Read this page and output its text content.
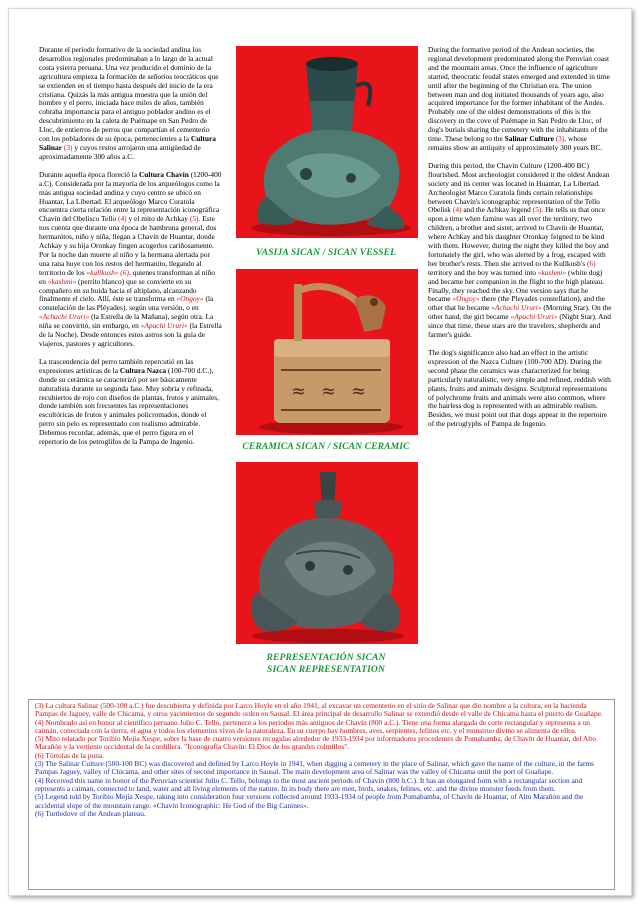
Durante el período formativo de la sociedad andina los desarrollos regionales predominaban a lo largo de la actual costa ysierra peruana. Una vez producido el dominio de la agricultura empieza la formación de señoríos teocráticos que se extienden en el tiempo hasta después del inicio de la era cristiana. Quizás la más antigua muestra que la unión del hombre y el perro, iniciada hace miles de años, también cobraba importancia para el antiguo poblador andino es el descubrimiento en la caleta de Puémape en San Pedro de Lloc, de entierros de perros que compartían el cementerio con los pobladores de su época, pertenecientes a la Cultura Salinar (3) y cuyos restos arrojaron una antigüedad de aproximadamente 300 años a.C.

Durante aquella época floreció la Cultura Chavín (1200-400 a.C). Considerada por la mayoría de los arqueólogos como la más antigua sociedad andina y cuyo centro se ubicó en Huantar, La Libertad. El arqueólogo Marco Curatola encuentra cierta relación entre la representación iconográfica Chavín del Obelisco Tello (4) y el mito de Achkay (5). Este nos cuenta que durante una época de hambruna general, dos hermanitos, niño y niña, llegan a Chavín de Huantar, donde Achkay y su hija Oronkay fingen acogerlos cariñosamente. Por la noche dan muerte al niño y la hermana alertada por una rana huye con los restos del hermanito, llegando al territorio de los «kullkush» (6), quienes transforman al niño en «kashmi» (perrito blanco) que se convierte en su compañero en su huida hacia el altiplano, alcanzando finalmente el cielo. Allí, éste se transforma en «Ongoy» (la constelación de las Pléyades), según una versión, o en «Achachi Ururi» (la Estrella de la Mañana), según otra. La niña se convirtió, sin embargo, en «Apachi Ururi» (la Estrella de la Noche). Desde entonces estos astros son la guía de viajeros, pastores y agricultores.

La trascendencia del perro también repercutió en las expresiones artísticas de la Cultura Nazca (100-700 d.C.), donde su cerámica se caracterizó por ser básicamente naturalista durante su segunda fase. Muy sobria y refinada, recubiertos de rojo con diseños de plantas, frutos y animales, donde también son frecuentes las representaciones escultóricas de frutos y animales policromados, donde el perro sin pelo es representado con realismo admirable. Debemos recordar, además, que el perro figura en el repertorio de los petroglifos de la Pampa de Ingenio.

VASIJA SICAN / SICAN VESSEL
≈ ≈ ≈
CERAMICA SICAN / SICAN CERAMIC
REPRESENTACIÓN SICAN
SICAN REPRESENTATION

During the formative period of the Andean societies, the regional development predominated along the Peruvian coast and the mountain areas. Once the influence of agriculture started, theocratic feudal states emerged and extended in time until after the beginning of the Christian era. The union between man and dog initiated thousands of years ago, also acquired importance for the former inhabitant of the Andes. Probably one of the oldest demonstrations of this is the discovery in the cove of Puémape in San Pedro de Lloc, of dog's burials sharing the cemetery with the inhabitants of the time. These belong to the Salinar Culture (3), whose remains show an antiquity of approximately 300 years BC.

During this period, the Chavín Culture (1200-400 BC) flourished. Most archeologist considered it the oldest Andean society and its center was located in Huantar, La Libertad. Archeologist Marco Curatola finds certain relationships between Chavín's iconographic representation of the Tello Obelisk (4) and the Achkay legend (5). He tells us that once upon a time when famine was all over the territory, two children, a brother and sister, arrived to Chavín de Huantar, where Achkay and his daughter Oronkay feigned to be kind with them. However, during the night they killed the boy and fortunately the girl, who was alerted by a frog, escaped with her brother's rests. Then she arrived to the Kullkush's (6) territory and the boy was turned into «kashmi» (white dog) and became her companion in the flight to the high plateau. Finally, they reached the sky. One version says that he became «Ongoy» there (the Pleyades constellation), and the other that he became «Achachi Ururi» (Morning Star). On the other hand, the girl became «Apachi Ururi» (Night Star). And since that time, these stars are the travelers, shepherds and farmer's guide.

The dog's significance also had an effect in the artistic expression of the Nazca Culture (100-700 AD). During the second phase the ceramics was characterized for being particularly naturalistic, very simple and refined, reddish with plants, fruits and animals designs. Sculptural representations of polychrome fruits and animals were also common, where the hairless dog is represented with an admirable realism. Besides, we must point out that dogs appear in the repertoire of the petroglyphs of Pampa de Ingenio.

(3) La cultura Salinar (500-100 a.C.) fue descubierta y definida por Larco Hoyle en el año 1941, al excavar un cementerio en el sitio de Salinar que dio nombre a la cultura, en la hacienda Pampas de Jaguey, valle de Chicama, y otros yacimientos de segundo orden en Sausal. El área principal de desarrollo Salinar se extendió desde el valle de Chicama hasta el puerto de Guañape.
(4) Nombrado así en honor al científico peruano Julio C. Tello, pertenece a los periodos más antiguos de Chavín (800 a.C.). Tiene una forma alargada de corte rectangular y representa a un caimán, conectada con la tierra, el agua y todos los elementos vivos de la naturaleza. En su cuerpo hay hombres, aves, serpientes, felinos etc. y el monstruo divino se alimenta de ellos.
(5) Mito relatado por Toribio Mejía Xespe, sobre la base de cuatro versiones recogidas alrededor de 1933-1934 por informadores procedentes de Pomabamba, de Chavín de Huantar, del Alto Marañón y la vertiente occidental de la cordillera. "Iconografía Chavín: El Dios de los grandes colmillos".
(6) Tórtolas de la puna.
(3) The Salinar Culture (500-100 BC) was discovered and defined by Larco Hoyle in 1941, when digging a cemetery in the place of Salinar, which gave the name of the culture, in the farms Pampas Jaguey, valley of Chicama, and other sites of second importance in Sausal. The main development area of Salinar was the valley of Chicama until the port of Guañape.
(4) Received this name in honor of the Peruvian scientist Julio C. Tello, belongs to the most ancient periods of Chavín (800 b.C.). It has an elongated form with a rectangular section and represents a caiman, connected to land, water and all living elements of the nature. In its body there are men, birds, snakes, felines, etc. and the divine monster feeds from them.
(5) Legend told by Toribio Mejía Xespe, taking into consideration four versions collected around 1933-1934 of people from Pomabamba, of Chavín de Huantar, of Alto Marañón and the accidental slope of the mountain range. «Chavín Iconographic: He God of the Big Canines».
(6) Turtledove of the Andean plateau.
